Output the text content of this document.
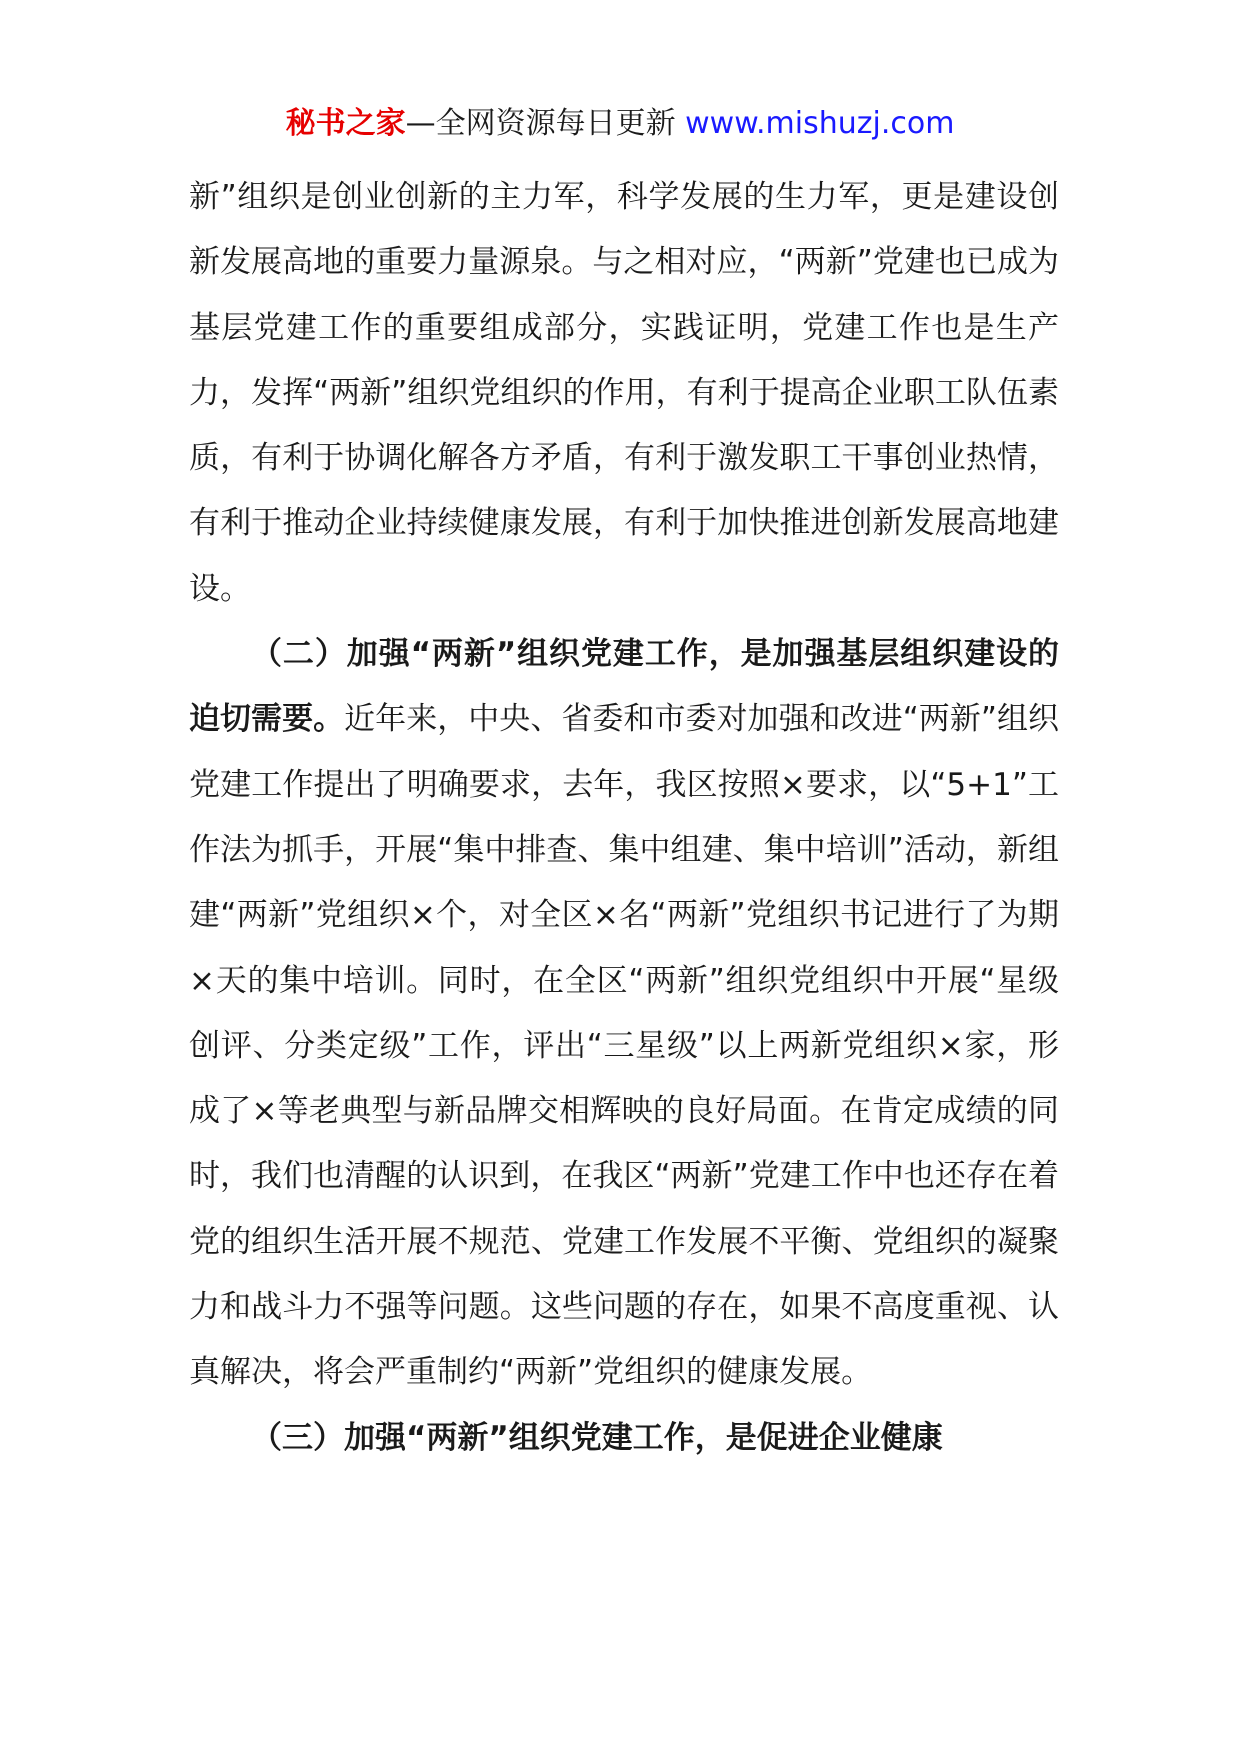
秘书之家—全网资源每日更新 www.mishuzj.com

新”组织是创业创新的主力军，科学发展的生力军，更是建设创新发展高地的重要力量源泉。与之相对应，“两新”党建也已成为基层党建工作的重要组成部分，实践证明，党建工作也是生产力，发挥“两新”组织党组织的作用，有利于提高企业职工队伍素质，有利于协调化解各方矛盾，有利于激发职工干事创业热情，有利于推动企业持续健康发展，有利于加快推进创新发展高地建设。

（二）加强“两新”组织党建工作，是加强基层组织建设的迫切需要。近年来，中央、省委和市委对加强和改进“两新”组织党建工作提出了明确要求，去年，我区按照×要求，以“5+1”工作法为抓手，开展“集中排查、集中组建、集中培训”活动，新组建“两新”党组织×个，对全区×名“两新”党组织书记进行了为期×天的集中培训。同时，在全区“两新”组织党组织中开展“星级创评、分类定级”工作，评出“三星级”以上两新党组织×家，形成了×等老典型与新品牌交相辉映的良好局面。在肯定成绩的同时，我们也清醒的认识到，在我区“两新”党建工作中也还存在着党的组织生活开展不规范、党建工作发展不平衡、党组织的凝聚力和战斗力不强等问题。这些问题的存在，如果不高度重视、认真解决，将会严重制约“两新”党组织的健康发展。

（三）加强“两新”组织党建工作，是促进企业健康
